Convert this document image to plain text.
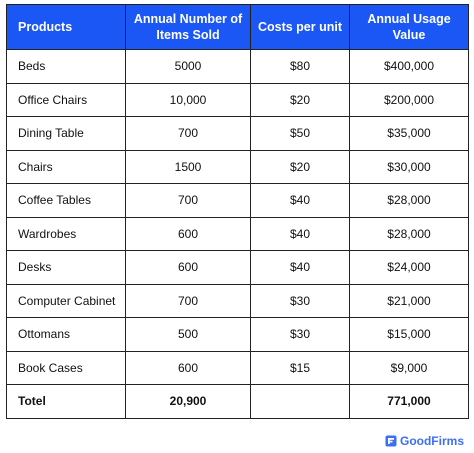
Products	Annual Number of Items Sold	Costs per unit	Annual Usage Value
Beds	5000	$80	$400,000
Office Chairs	10,000	$20	$200,000
Dining Table	700	$50	$35,000
Chairs	1500	$20	$30,000
Coffee Tables	700	$40	$28,000
Wardrobes	600	$40	$28,000
Desks	600	$40	$24,000
Computer Cabinet	700	$30	$21,000
Ottomans	500	$30	$15,000
Book Cases	600	$15	$9,000
Totel	20,900		771,000
GoodFirms
